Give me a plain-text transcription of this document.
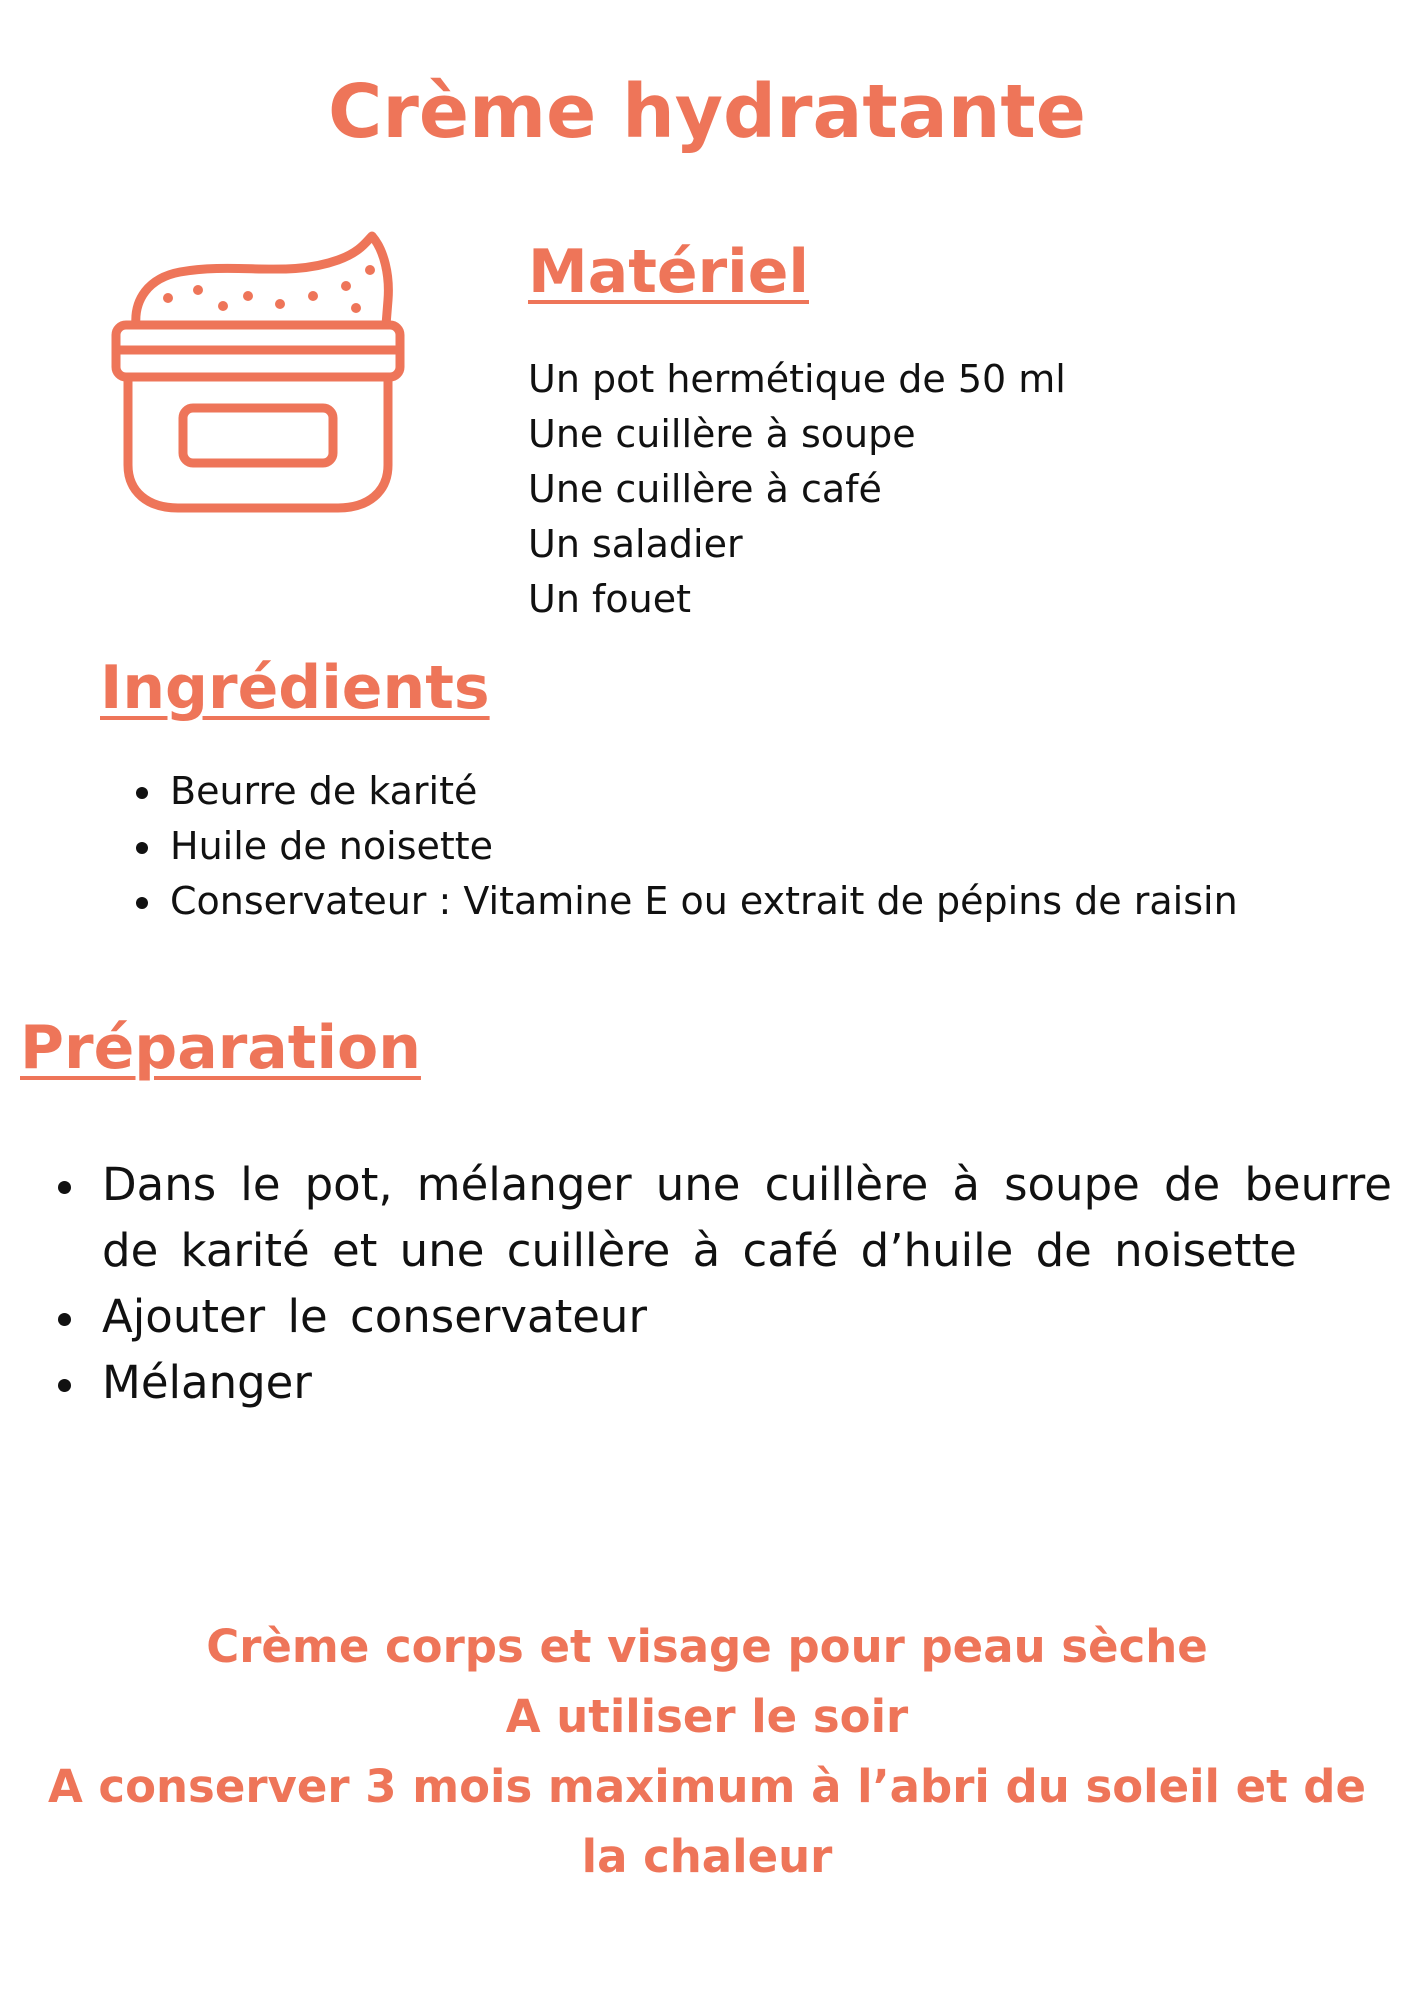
Crème hydratante
Matériel
Un pot hermétique de 50 ml
Une cuillère à soupe
Une cuillère à café
Un saladier
Un fouet
Ingrédients
Beurre de karité
Huile de noisette
Conservateur : Vitamine E ou extrait de pépins de raisin
Préparation
Dans le pot, mélanger une cuillère à soupe de beurre de karité et une cuillère à café d’huile de noisette
Ajouter le conservateur
Mélanger
Crème corps et visage pour peau sèche
A utiliser le soir
A conserver 3 mois maximum à l’abri du soleil et de la chaleur
